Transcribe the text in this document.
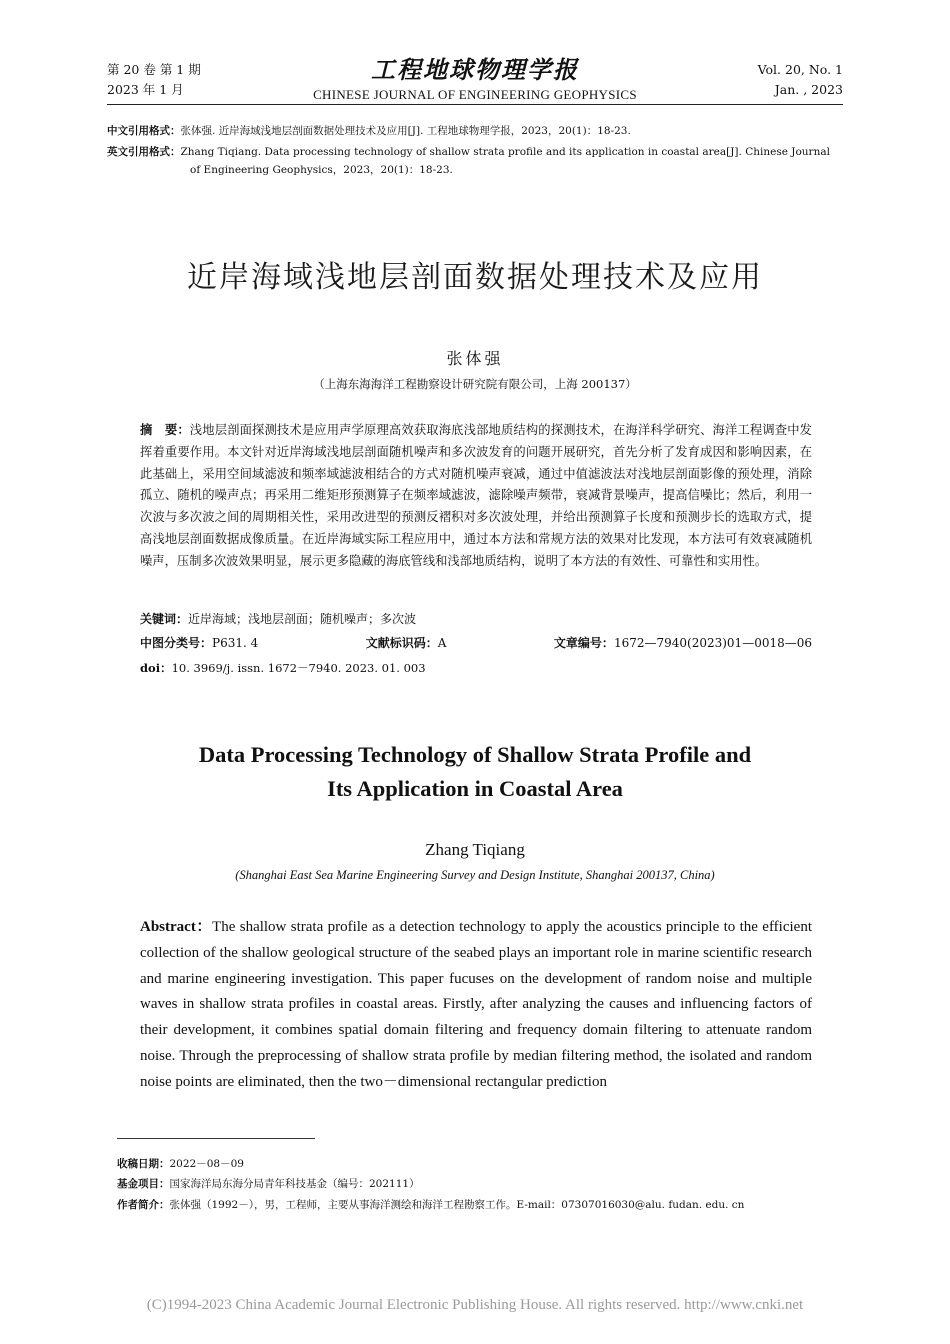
第 20 卷 第 1 期
2023 年 1 月
工程地球物理学报
CHINESE JOURNAL OF ENGINEERING GEOPHYSICS
Vol. 20, No. 1
Jan. , 2023
中文引用格式：张体强. 近岸海域浅地层剖面数据处理技术及应用[J]. 工程地球物理学报，2023，20(1)：18-23.
英文引用格式：Zhang Tiqiang. Data processing technology of shallow strata profile and its application in coastal area[J]. Chinese Journal
of Engineering Geophysics，2023，20(1)：18-23.
近岸海域浅地层剖面数据处理技术及应用
张体强
（上海东海海洋工程勘察设计研究院有限公司，上海 200137）
摘　要：浅地层剖面探测技术是应用声学原理高效获取海底浅部地质结构的探测技术，在海洋科学研究、海洋工程调查中发挥着重要作用。本文针对近岸海域浅地层剖面随机噪声和多次波发育的问题开展研究，首先分析了发育成因和影响因素，在此基础上，采用空间域滤波和频率域滤波相结合的方式对随机噪声衰减，通过中值滤波法对浅地层剖面影像的预处理，消除孤立、随机的噪声点；再采用二维矩形预测算子在频率域滤波，滤除噪声频带，衰减背景噪声，提高信噪比；然后，利用一次波与多次波之间的周期相关性，采用改进型的预测反褶积对多次波处理，并给出预测算子长度和预测步长的选取方式，提高浅地层剖面数据成像质量。在近岸海域实际工程应用中，通过本方法和常规方法的效果对比发现，本方法可有效衰减随机噪声，压制多次波效果明显，展示更多隐藏的海底管线和浅部地质结构，说明了本方法的有效性、可靠性和实用性。
关键词：近岸海域；浅地层剖面；随机噪声；多次波
中图分类号：P631. 4	文献标识码：A	文章编号：1672—7940(2023)01—0018—06
doi：10. 3969/j. issn. 1672－7940. 2023. 01. 003
Data Processing Technology of Shallow Strata Profile and
Its Application in Coastal Area
Zhang Tiqiang
(Shanghai East Sea Marine Engineering Survey and Design Institute, Shanghai 200137, China)
Abstract：The shallow strata profile as a detection technology to apply the acoustics principle to the efficient collection of the shallow geological structure of the seabed plays an important role in marine scientific research and marine engineering investigation. This paper fucuses on the development of random noise and multiple waves in shallow strata profiles in coastal areas. Firstly, after analyzing the causes and influencing factors of their development, it combines spatial domain filtering and frequency domain filtering to attenuate random noise. Through the preprocessing of shallow strata profile by median filtering method, the isolated and random noise points are eliminated, then the two－dimensional rectangular prediction
收稿日期：2022－08－09
基金项目：国家海洋局东海分局青年科技基金（编号：202111）
作者简介：张体强（1992－），男，工程师，主要从事海洋测绘和海洋工程勘察工作。E-mail：07307016030@alu. fudan. edu. cn
(C)1994-2023 China Academic Journal Electronic Publishing House. All rights reserved. http://www.cnki.net
